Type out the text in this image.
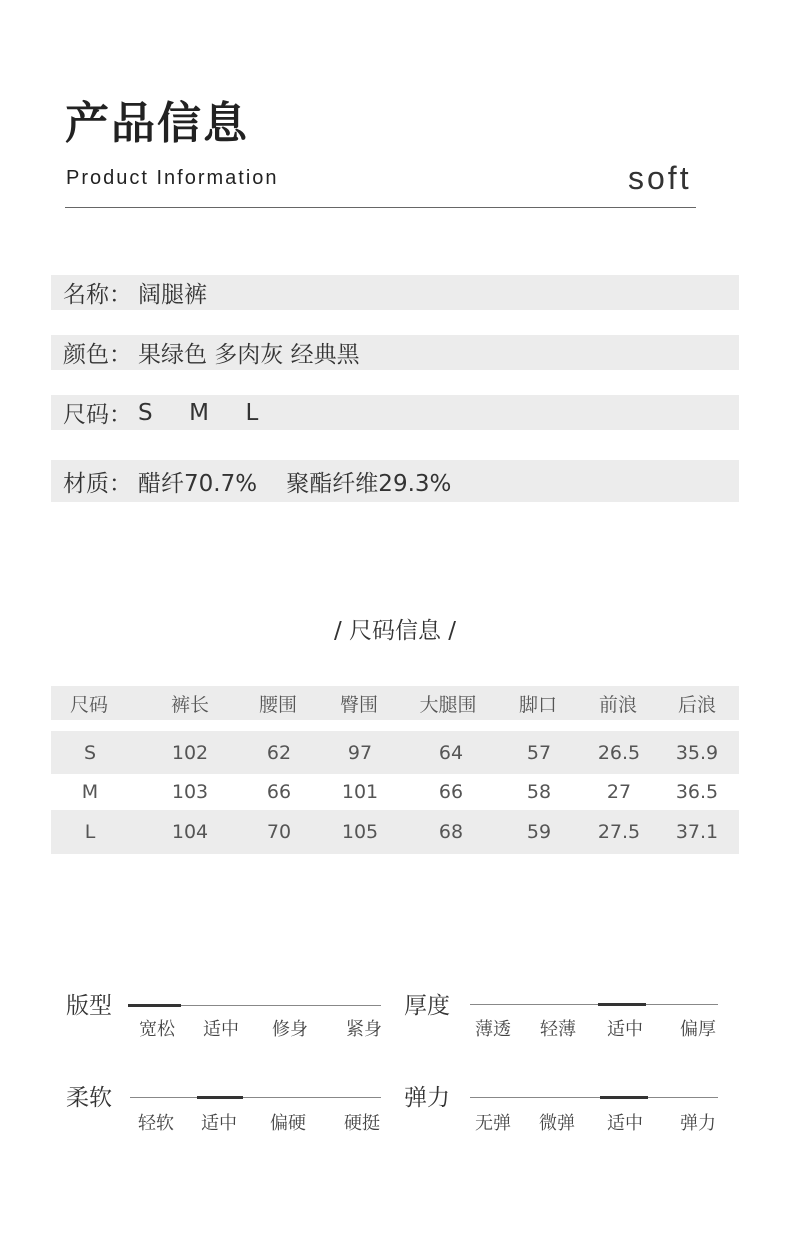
产品信息
Product Information	soft
名称： 阔腿裤
颜色： 果绿色 多肉灰 经典黑
尺码： S     M     L
材质： 醋纤70.7%    聚酯纤维29.3%
/ 尺码信息 /
尺码	裤长	腰围 臀围 大腿围 脚口 前浪 后浪
S	102	62	97	64	57 26.5 35.9
M	103	66	101	66	58	27 36.5
L	104	70	105	68	59 27.5 37.1
版型
宽松 适中 修身 紧身
厚度
薄透 轻薄 适中 偏厚
柔软
轻软 适中 偏硬 硬挺
弹力
无弹 微弹 适中 弹力
